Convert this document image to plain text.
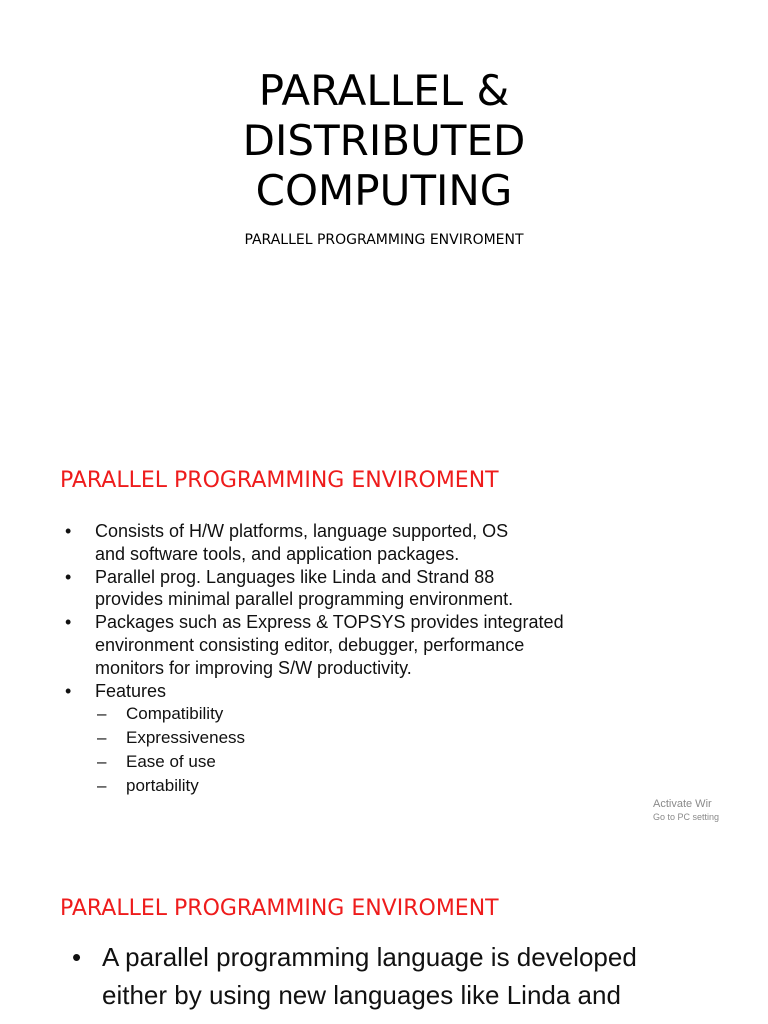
PARALLEL &
DISTRIBUTED
COMPUTING
PARALLEL PROGRAMMING ENVIROMENT
PARALLEL PROGRAMMING ENVIROMENT
• Consists of H/W platforms, language supported, OS
and software tools, and application packages.
• Parallel prog. Languages like Linda and Strand 88
provides minimal parallel programming environment.
• Packages such as Express & TOPSYS provides integrated
environment consisting editor, debugger, performance
monitors for improving S/W productivity.
• Features
– Compatibility
– Expressiveness
– Ease of use
– portability
Activate Wir
Go to PC setting
PARALLEL PROGRAMMING ENVIROMENT
• A parallel programming language is developed
either by using new languages like Linda and
